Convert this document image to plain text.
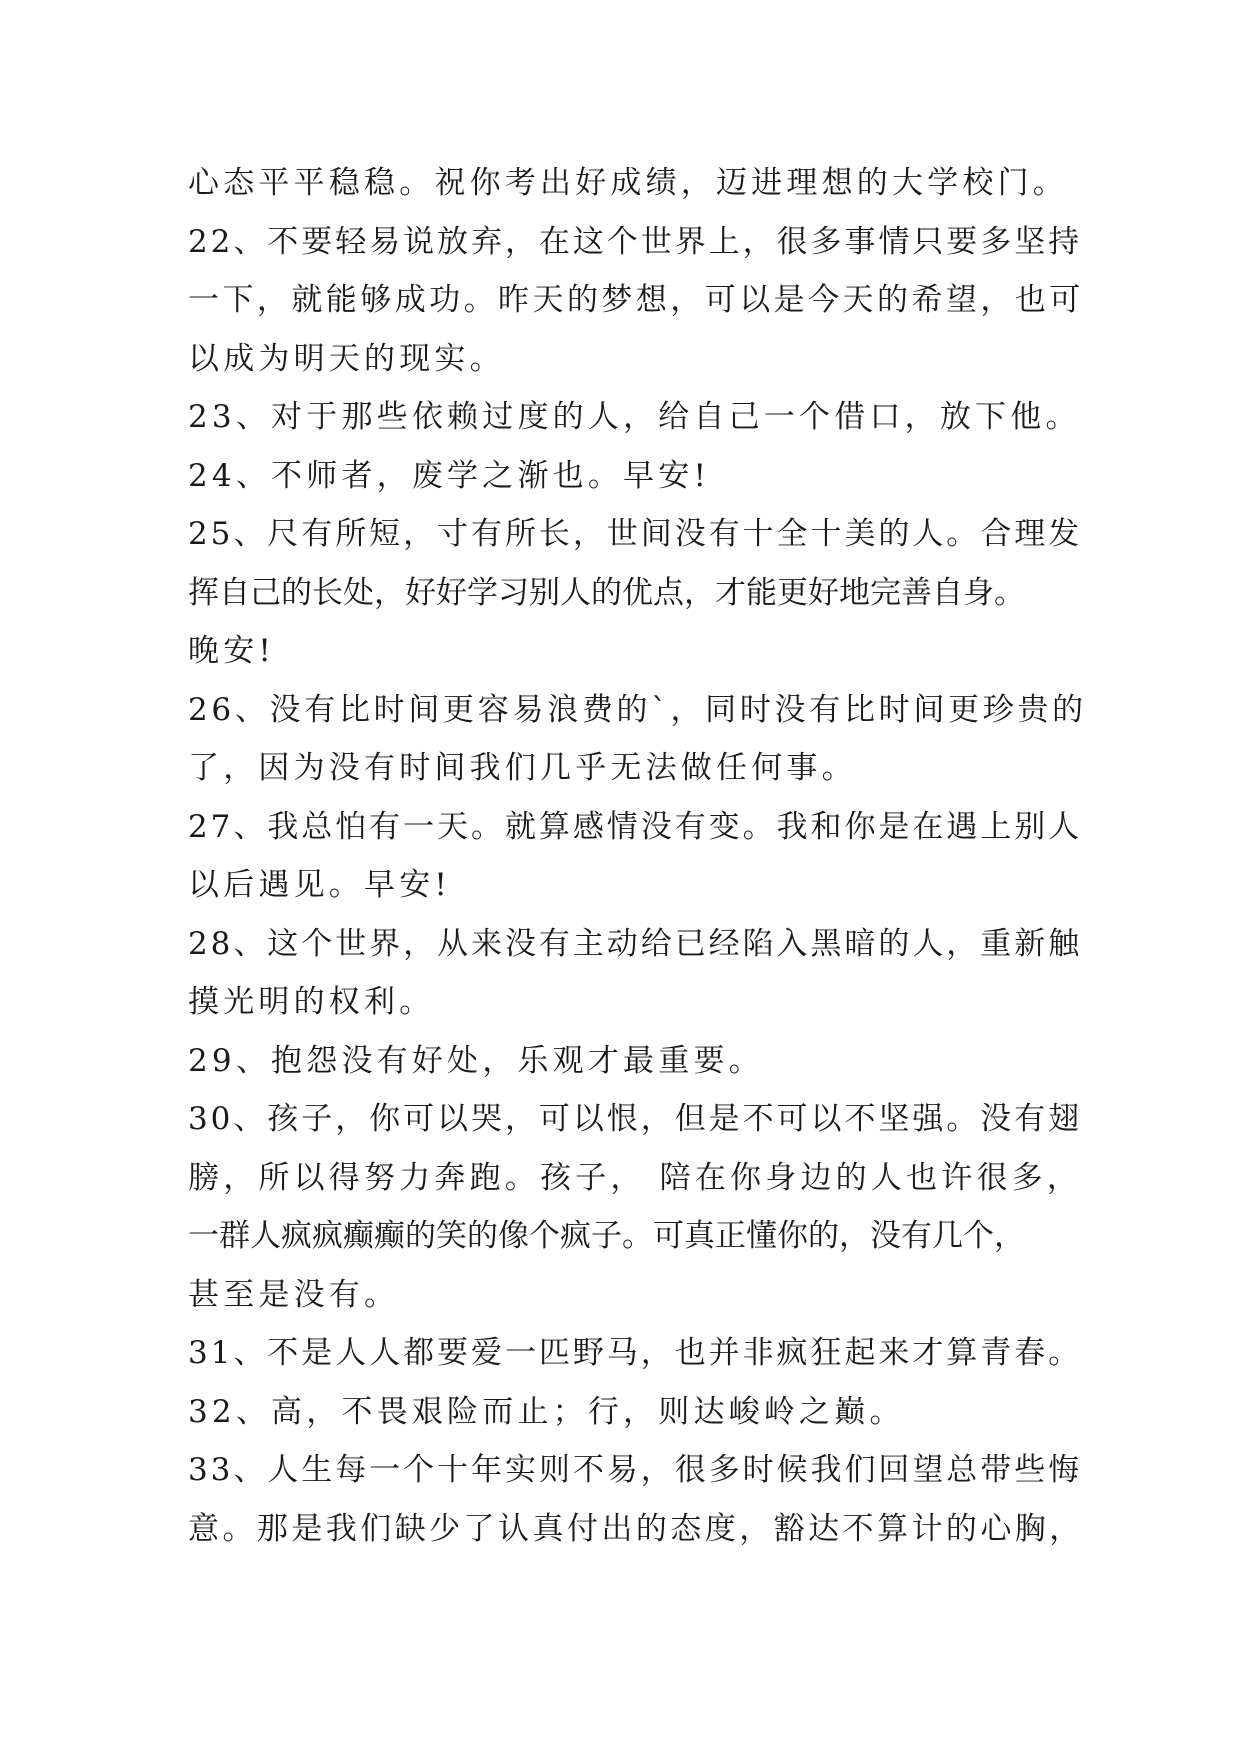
心态平平稳稳。祝你考出好成绩，迈进理想的大学校门。
22、不要轻易说放弃，在这个世界上，很多事情只要多坚持
一下，就能够成功。昨天的梦想，可以是今天的希望，也可
以成为明天的现实。
23、对于那些依赖过度的人，给自己一个借口，放下他。
24、不师者，废学之渐也。早安!
25、尺有所短，寸有所长，世间没有十全十美的人。合理发
挥自己的长处，好好学习别人的优点，才能更好地完善自身。
晚安!
26、没有比时间更容易浪费的`，同时没有比时间更珍贵的
了，因为没有时间我们几乎无法做任何事。
27、我总怕有一天。就算感情没有变。我和你是在遇上别人
以后遇见。早安!
28、这个世界，从来没有主动给已经陷入黑暗的人，重新触
摸光明的权利。
29、抱怨没有好处，乐观才最重要。
30、孩子，你可以哭，可以恨，但是不可以不坚强。没有翅
膀，所以得努力奔跑。孩子， 陪在你身边的人也许很多，
一群人疯疯癫癫的笑的像个疯子。可真正懂你的，没有几个，
甚至是没有。
31、不是人人都要爱一匹野马，也并非疯狂起来才算青春。
32、高，不畏艰险而止；行，则达峻岭之巅。
33、人生每一个十年实则不易，很多时候我们回望总带些悔
意。那是我们缺少了认真付出的态度，豁达不算计的心胸，
